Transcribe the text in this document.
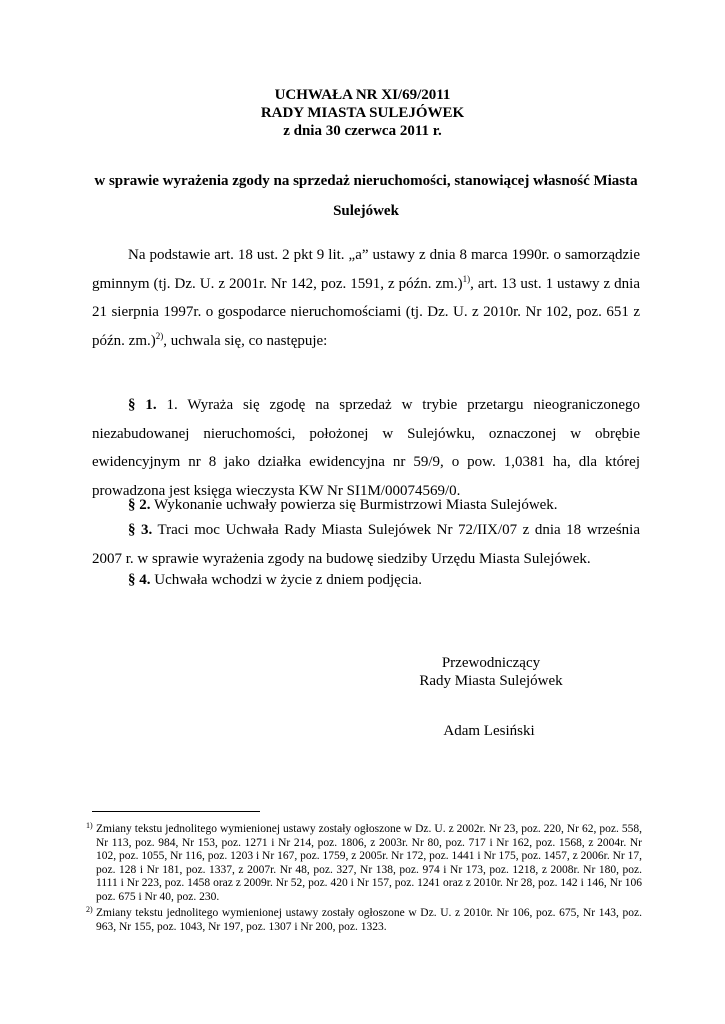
UCHWAŁA NR XI/69/2011
RADY MIASTA SULEJÓWEK
z dnia 30 czerwca 2011 r.
w sprawie wyrażenia zgody na sprzedaż nieruchomości, stanowiącej własność Miasta
Sulejówek
Na podstawie art. 18 ust. 2 pkt 9 lit. „a” ustawy z dnia 8 marca 1990r. o samorządzie gminnym (tj. Dz. U. z 2001r. Nr 142, poz. 1591, z późn. zm.)$^{1)}$, art. 13 ust. 1 ustawy z dnia 21 sierpnia 1997r. o gospodarce nieruchomościami (tj. Dz. U. z 2010r. Nr 102, poz. 651 z późn. zm.)$^{2)}$, uchwala się, co następuje:
§ 1. 1. Wyraża się zgodę na sprzedaż w trybie przetargu nieograniczonego niezabudowanej nieruchomości, położonej w Sulejówku, oznaczonej w obrębie ewidencyjnym nr 8 jako działka ewidencyjna nr 59/9, o pow. 1,0381 ha, dla której prowadzona jest księga wieczysta KW Nr SI1M/00074569/0.
§ 2. Wykonanie uchwały powierza się Burmistrzowi Miasta Sulejówek.
§ 3. Traci moc Uchwała Rady Miasta Sulejówek Nr 72/IIX/07 z dnia 18 września 2007 r. w sprawie wyrażenia zgody na budowę siedziby Urzędu Miasta Sulejówek.
§ 4. Uchwała wchodzi w życie z dniem podjęcia.
Przewodniczący
Rady Miasta Sulejówek
Adam Lesiński
$^{1)}$ Zmiany tekstu jednolitego wymienionej ustawy zostały ogłoszone w Dz. U. z 2002r. Nr 23, poz. 220, Nr 62, poz. 558, Nr 113, poz. 984, Nr 153, poz. 1271 i Nr 214, poz. 1806, z 2003r. Nr 80, poz. 717 i Nr 162, poz. 1568, z 2004r. Nr 102, poz. 1055, Nr 116, poz. 1203 i Nr 167, poz. 1759, z 2005r. Nr 172, poz. 1441 i Nr 175, poz. 1457, z 2006r. Nr 17, poz. 128 i Nr 181, poz. 1337, z 2007r. Nr 48, poz. 327, Nr 138, poz. 974 i Nr 173, poz. 1218, z 2008r. Nr 180, poz. 1111 i Nr 223, poz. 1458 oraz z 2009r. Nr 52, poz. 420 i Nr 157, poz. 1241 oraz z 2010r. Nr 28, poz. 142 i 146, Nr 106 poz. 675 i Nr 40, poz. 230.
$^{2)}$ Zmiany tekstu jednolitego wymienionej ustawy zostały ogłoszone w Dz. U. z 2010r. Nr 106, poz. 675, Nr 143, poz. 963, Nr 155, poz. 1043, Nr 197, poz. 1307 i Nr 200, poz. 1323.
